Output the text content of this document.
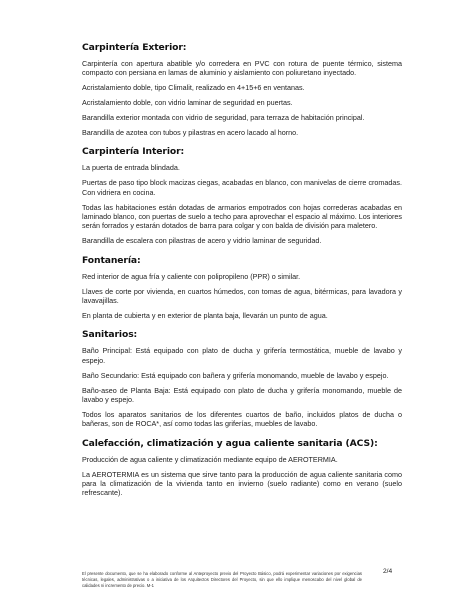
Carpintería Exterior:

Carpintería con apertura abatible y/o corredera en PVC con rotura de puente térmico, sistema compacto con persiana en lamas de aluminio y aislamiento con poliuretano inyectado.

Acristalamiento doble, tipo Climalit, realizado en 4+15+6 en ventanas.

Acristalamiento doble, con vidrio laminar de seguridad en puertas.

Barandilla exterior montada con vidrio de seguridad, para terraza de habitación principal.

Barandilla de azotea con tubos y pilastras en acero lacado al horno.

Carpintería Interior:

La puerta de entrada blindada.

Puertas de paso tipo block macizas ciegas, acabadas en blanco, con manivelas de cierre cromadas. Con vidriera en cocina.

Todas las habitaciones están dotadas de armarios empotrados con hojas correderas acabadas en laminado blanco, con puertas de suelo a techo para aprovechar el espacio al máximo. Los interiores serán forrados y estarán dotados de barra para colgar y con balda de división para maletero.

Barandilla de escalera con pilastras de acero y vidrio laminar de seguridad.

Fontanería:

Red interior de agua fría y caliente con polipropileno (PPR) o similar.

Llaves de corte por vivienda, en cuartos húmedos, con tomas de agua, bitérmicas, para lavadora y lavavajillas.

En planta de cubierta y en exterior de planta baja, llevarán un punto de agua.

Sanitarios:

Baño Principal: Está equipado con plato de ducha y grifería termostática, mueble de lavabo y espejo.

Baño Secundario: Está equipado con bañera y grifería monomando, mueble de lavabo y espejo.

Baño-aseo de Planta Baja: Está equipado con plato de ducha y grifería monomando, mueble de lavabo y espejo.

Todos los aparatos sanitarios de los diferentes cuartos de baño, incluidos platos de ducha o bañeras, son de ROCA*, así como todas las griferías, muebles de lavabo.

Calefacción, climatización y agua caliente sanitaria (ACS):

Producción de agua caliente y climatización mediante equipo de AEROTERMIA.

La AEROTERMIA es un sistema que sirve tanto para la producción de agua caliente sanitaria como para la climatización de la vivienda tanto en invierno (suelo radiante) como en verano (suelo refrescante).

El presente documento, que se ha elaborado conforme al Anteproyecto previo del Proyecto Básico, podrá experimentar variaciones por exigencias técnicas, legales, administrativas o a iniciativa de los Arquitectos Directores del Proyecto, sin que ello implique menoscabo del nivel global de calidades ni incremento de precio. M-1
2/4
